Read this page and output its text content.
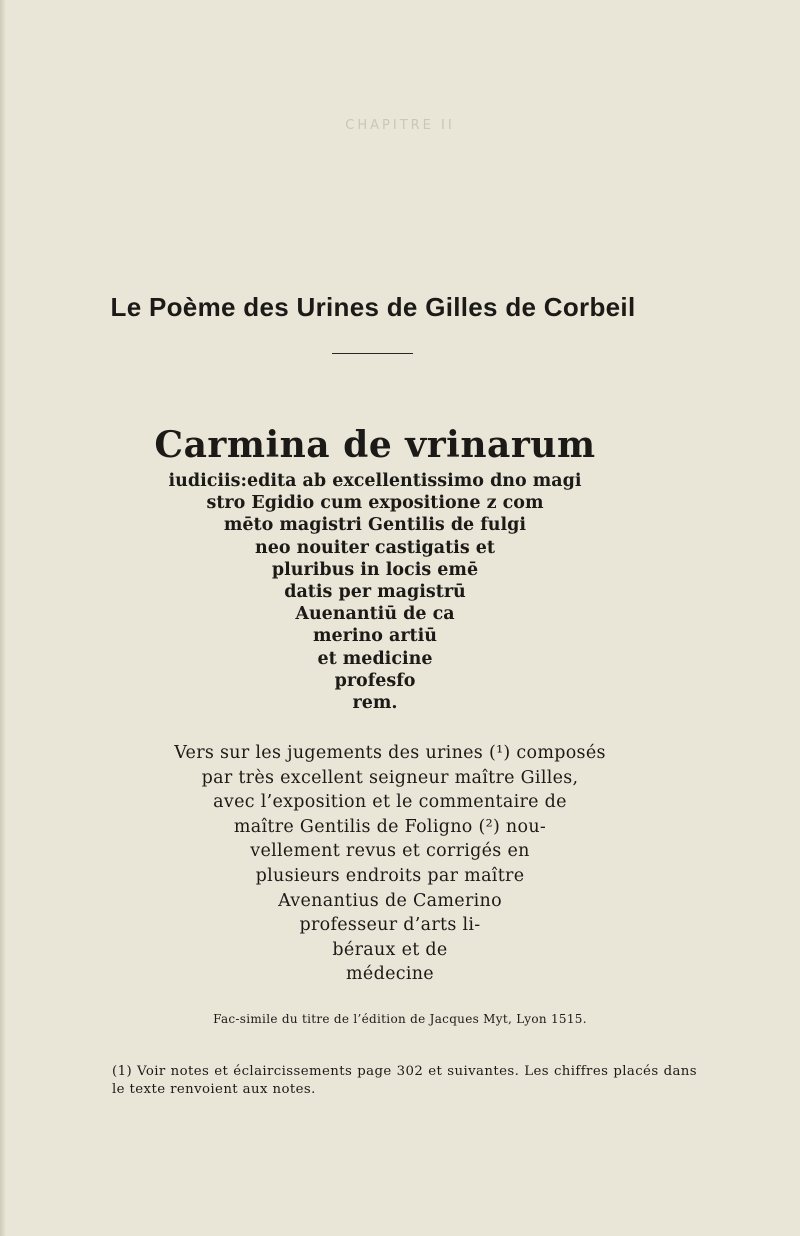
CHAPITRE II
Le Poème des Urines de Gilles de Corbeil
Carmina de vrinarum
iudiciis:edita ab excellentissimo dno magi
stro Egidio cum expositione z com
mēto magistri Gentilis de fulgi
neo nouiter castigatis et
pluribus in locis emē
datis per magistrū
Auenantiū de ca
merino artiū
et medicine
profesfo
rem.
Vers sur les jugements des urines (¹) composés
par très excellent seigneur maître Gilles,
avec l’exposition et le commentaire de
maître Gentilis de Foligno (²) nou-
vellement revus et corrigés en
plusieurs endroits par maître
Avenantius de Camerino
professeur d’arts li-
béraux et de
médecine
Fac-simile du titre de l’édition de Jacques Myt, Lyon 1515.
(1) Voir notes et éclaircissements page 302 et suivantes. Les chiffres placés dans le texte renvoient aux notes.
